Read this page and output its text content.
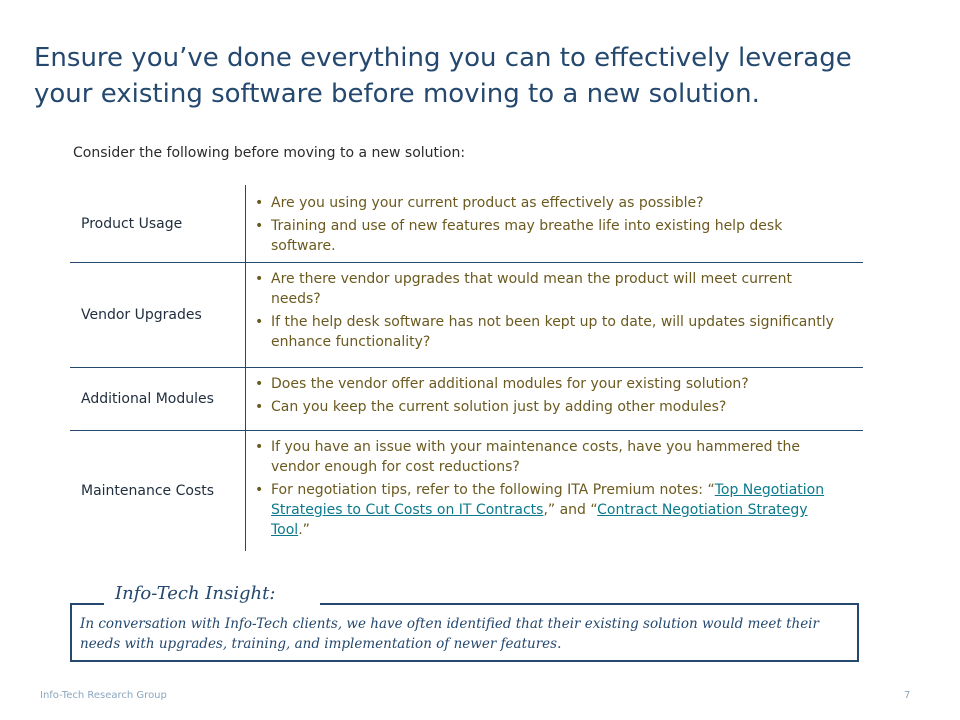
Ensure you’ve done everything you can to effectively leverage
your existing software before moving to a new solution.
Consider the following before moving to a new solution:
Product Usage
• Are you using your current product as effectively as possible?
• Training and use of new features may breathe life into existing help desk software.
Vendor Upgrades
• Are there vendor upgrades that would mean the product will meet current needs?
• If the help desk software has not been kept up to date, will updates significantly enhance functionality?
Additional Modules
• Does the vendor offer additional modules for your existing solution?
• Can you keep the current solution just by adding other modules?
Maintenance Costs
• If you have an issue with your maintenance costs, have you hammered the vendor enough for cost reductions?
• For negotiation tips, refer to the following ITA Premium notes: “Top Negotiation Strategies to Cut Costs on IT Contracts,” and “Contract Negotiation Strategy Tool.”
Info-Tech Insight:
In conversation with Info-Tech clients, we have often identified that their existing solution would meet their needs with upgrades, training, and implementation of newer features.
Info-Tech Research Group	7
